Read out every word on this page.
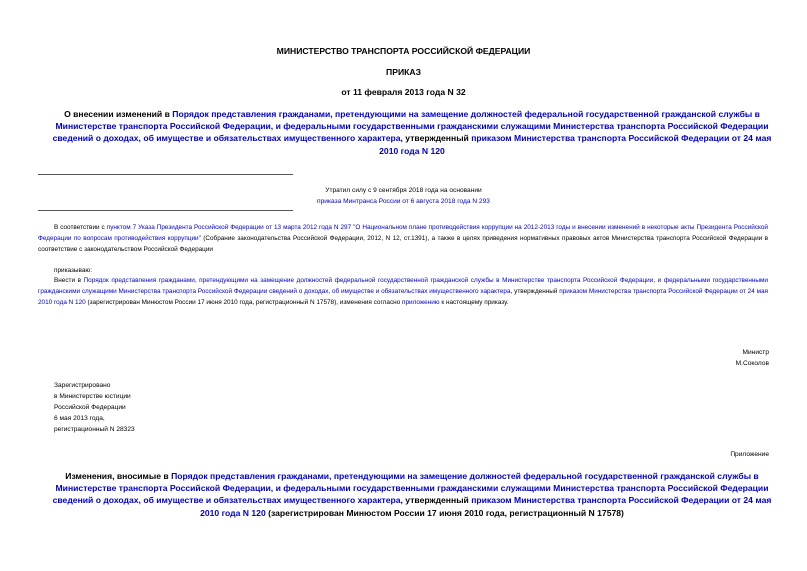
МИНИСТЕРСТВО ТРАНСПОРТА РОССИЙСКОЙ ФЕДЕРАЦИИ
ПРИКАЗ
от 11 февраля 2013 года N 32
О внесении изменений в Порядок представления гражданами, претендующими на замещение должностей федеральной государственной гражданской службы в Министерстве транспорта Российской Федерации, и федеральными государственными гражданскими служащими Министерства транспорта Российской Федерации сведений о доходах, об имуществе и обязательствах имущественного характера, утвержденный приказом Министерства транспорта Российской Федерации от 24 мая 2010 года N 120
Утратил силу с 9 сентября 2018 года на основании
приказа Минтранса России от 6 августа 2018 года N 293
В соответствии с пунктом 7 Указа Президента Российской Федерации от 13 марта 2012 года N 297 "О Национальном плане противодействия коррупции на 2012-2013 годы и внесении изменений в некоторые акты Президента Российской Федерации по вопросам противодействия коррупции" (Собрание законодательства Российской Федерации, 2012, N 12, ст.1391), а также в целях приведения нормативных правовых актов Министерства транспорта Российской Федерации в соответствие с законодательством Российской Федерации
приказываю:
Внести в Порядок представления гражданами, претендующими на замещение должностей федеральной государственной гражданской службы в Министерстве транспорта Российской Федерации, и федеральными государственными гражданскими служащими Министерства транспорта Российской Федерации сведений о доходах, об имуществе и обязательствах имущественного характера, утвержденный приказом Министерства транспорта Российской Федерации от 24 мая 2010 года N 120 (зарегистрирован Минюстом России 17 июня 2010 года, регистрационный N 17578), изменения согласно приложению к настоящему приказу.
Министр
М.Соколов
Зарегистрировано
в Министерстве юстиции
Российской Федерации
6 мая 2013 года,
регистрационный N 28323
Приложение
Изменения, вносимые в Порядок представления гражданами, претендующими на замещение должностей федеральной государственной гражданской службы в Министерстве транспорта Российской Федерации, и федеральными государственными гражданскими служащими Министерства транспорта Российской Федерации сведений о доходах, об имуществе и обязательствах имущественного характера, утвержденный приказом Министерства транспорта Российской Федерации от 24 мая 2010 года N 120 (зарегистрирован Минюстом России 17 июня 2010 года, регистрационный N 17578)
